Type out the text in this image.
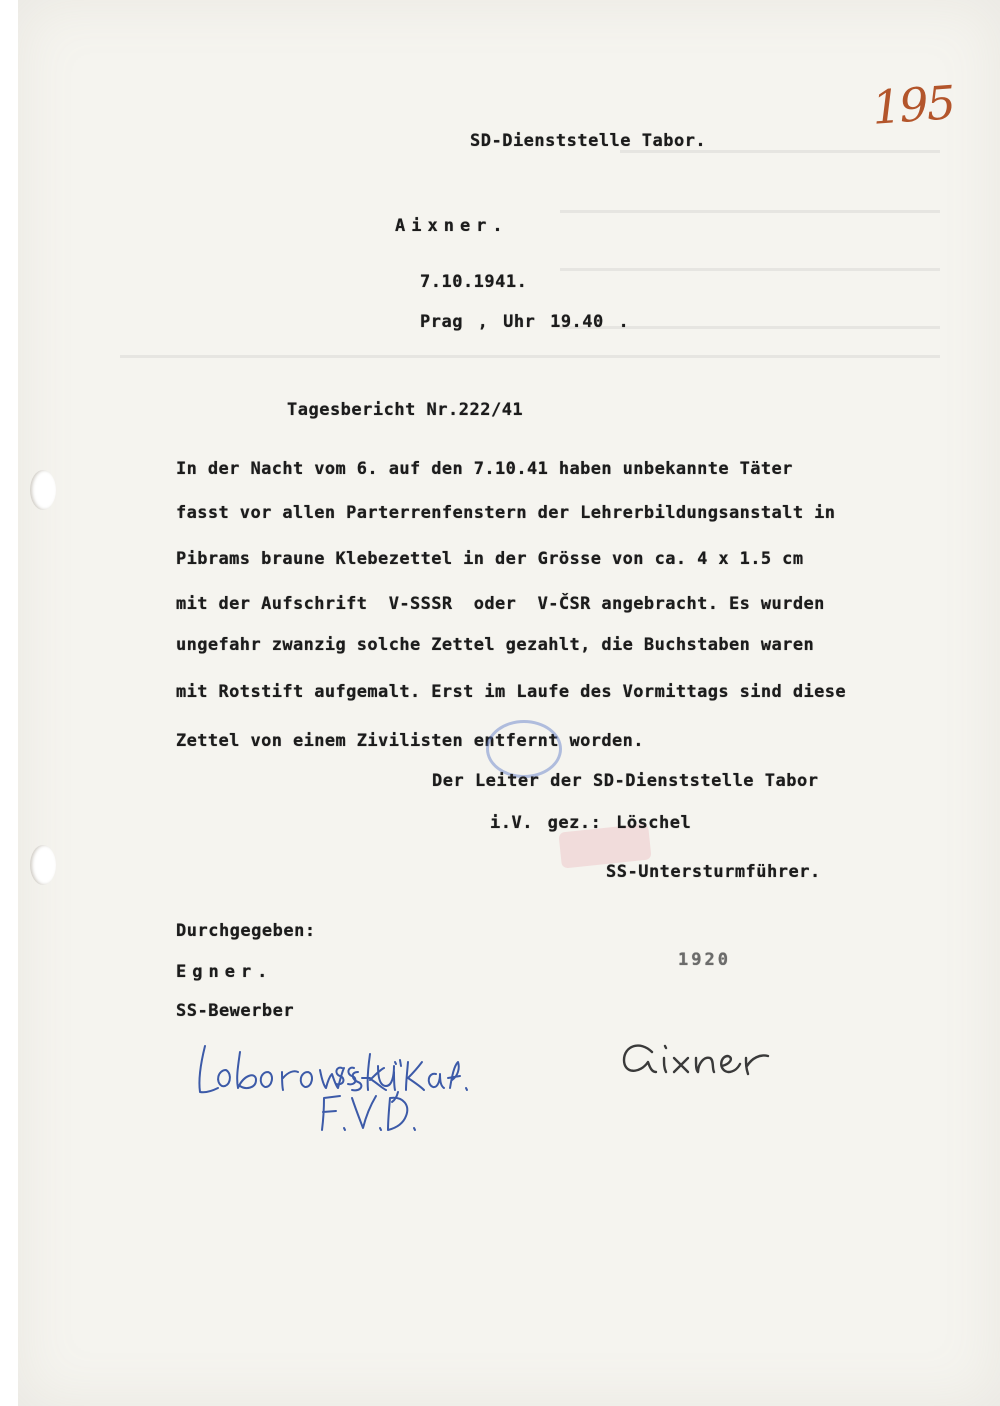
195
SD-Dienststelle Tabor.
Aixner.
7.10.1941.
Prag , Uhr 19.40 .
Tagesbericht Nr.222/41
In der Nacht vom 6. auf den 7.10.41 haben unbekannte Täter
fasst vor allen Parterrenfenstern der Lehrerbildungsanstalt in
Pibrams braune Klebezettel in der Grösse von ca. 4 x 1.5 cm
mit der Aufschrift  V-SSSR  oder  V-ČSR angebracht. Es wurden
ungefahr zwanzig solche Zettel gezahlt, die Buchstaben waren
mit Rotstift aufgemalt. Erst im Laufe des Vormittags sind diese
Zettel von einem Zivilisten entfernt worden.
Der Leiter der SD-Dienststelle Tabor
i.V. gez.: Löschel
SS-Untersturmführer.
Durchgegeben:
Egner.
SS-Bewerber
1920
